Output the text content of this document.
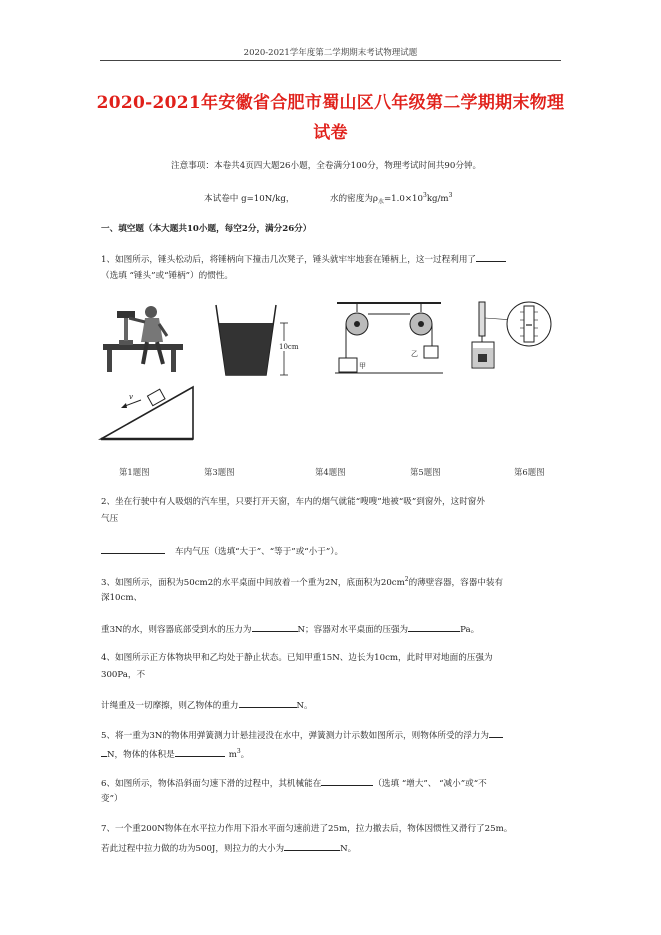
2020-2021学年度第二学期期末考试物理试题
2020-2021年安徽省合肥市蜀山区八年级第二学期期末物理
试卷
注意事项：本卷共4页四大题26小题，全卷满分100分，物理考试时间共90分钟。
本试卷中 g=10N/kg，	水的密度为$\rho_水=1.0\times 10^3kg/m^3$
一、填空题（本大题共10小题，每空2分，满分26分）
1、如图所示，锤头松动后，将锤柄向下撞击几次凳子，锤头就牢牢地套在锤柄上，这一过程利用了
（选填 “锤头”或“锤柄”）的惯性。
10cm
甲
乙
v
第1题图	第3题图	第4题图	第5题图	第6题图
2、坐在行驶中有人吸烟的汽车里，只要打开天窗，车内的烟气就能“嗖嗖”地被“吸”到窗外，这时窗外
气压
车内气压（选填“大于”、“等于”或“小于”）。
3、如图所示，面积为50cm2的水平桌面中间放着一个重为2N，底面积为$20cm^2$的薄壁容器，容器中装有
深10cm、
重3N的水，则容器底部受到水的压力为	N；容器对水平桌面的压强为	Pa。
4、如图所示正方体物块甲和乙均处于静止状态。已知甲重15N、边长为10cm，此时甲对地面的压强为
300Pa，不
计绳重及一切摩擦，则乙物体的重力	N。
5、将一重为3N的物体用弹簧测力计悬挂浸没在水中，弹簧测力计示数如图所示，则物体所受的浮力为
N，物体的体积是	$m^3$。
6、如图所示，物体沿斜面匀速下滑的过程中，其机械能在	（选填 “增大”、 “减小”或“不
变”）
7、一个重200N物体在水平拉力作用下沿水平面匀速前进了25m，拉力撤去后，物体因惯性又滑行了25m。
若此过程中拉力做的功为500J，则拉力的大小为	N。
